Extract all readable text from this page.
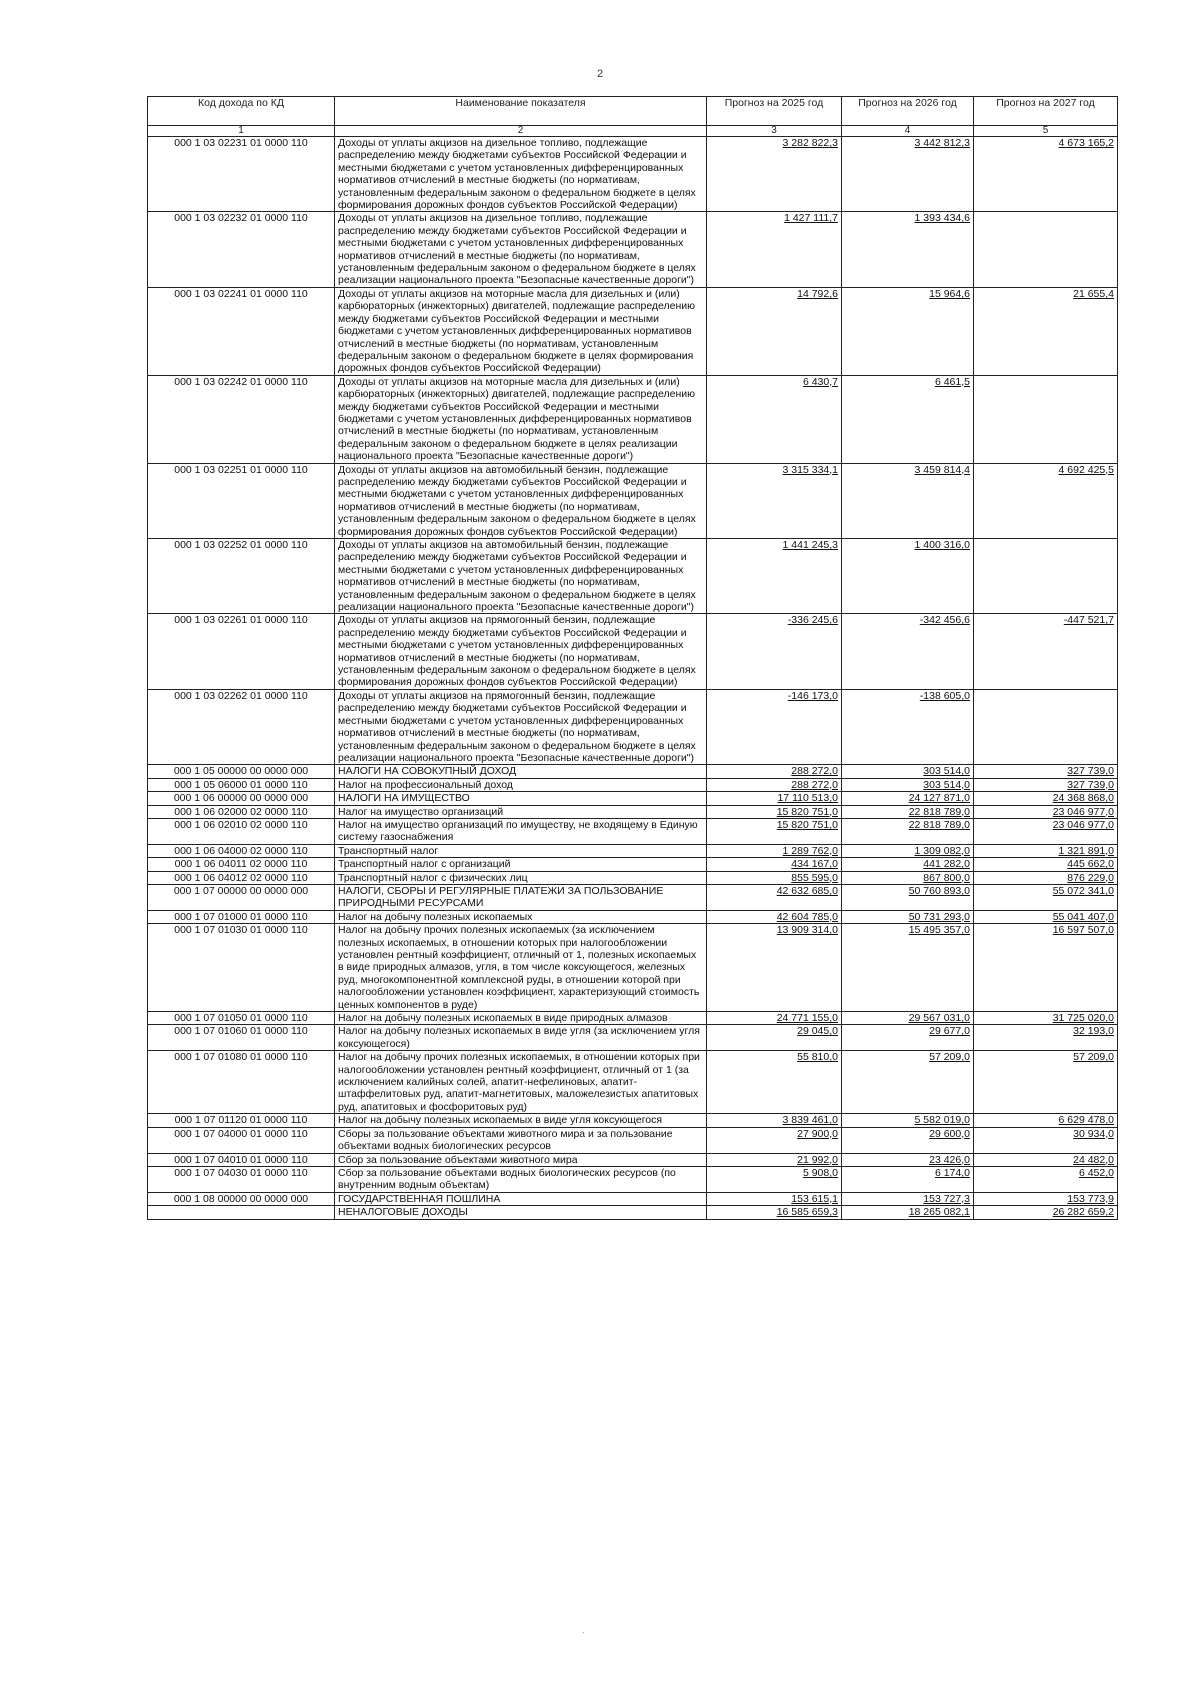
2
Код дохода по КД	Наименование показателя	Прогноз на 2025 год	Прогноз на 2026 год	Прогноз на 2027 год
1	2	3	4	5
000 1 03 02231 01 0000 110	Доходы от уплаты акцизов на дизельное топливо, подлежащие распределению между бюджетами субъектов Российской Федерации и местными бюджетами с учетом установленных дифференцированных нормативов отчислений в местные бюджеты (по нормативам, установленным федеральным законом о федеральном бюджете в целях формирования дорожных фондов субъектов Российской Федерации)	3 282 822,3	3 442 812,3	4 673 165,2
000 1 03 02232 01 0000 110	Доходы от уплаты акцизов на дизельное топливо, подлежащие распределению между бюджетами субъектов Российской Федерации и местными бюджетами с учетом установленных дифференцированных нормативов отчислений в местные бюджеты (по нормативам, установленным федеральным законом о федеральном бюджете в целях реализации национального проекта "Безопасные качественные дороги")	1 427 111,7	1 393 434,6	
000 1 03 02241 01 0000 110	Доходы от уплаты акцизов на моторные масла для дизельных и (или) карбюраторных (инжекторных) двигателей, подлежащие распределению между бюджетами субъектов Российской Федерации и местными бюджетами с учетом установленных дифференцированных нормативов отчислений в местные бюджеты (по нормативам, установленным федеральным законом о федеральном бюджете в целях формирования дорожных фондов субъектов Российской Федерации)	14 792,6	15 964,6	21 655,4
000 1 03 02242 01 0000 110	Доходы от уплаты акцизов на моторные масла для дизельных и (или) карбюраторных (инжекторных) двигателей, подлежащие распределению между бюджетами субъектов Российской Федерации и местными бюджетами с учетом установленных дифференцированных нормативов отчислений в местные бюджеты (по нормативам, установленным федеральным законом о федеральном бюджете в целях реализации национального проекта "Безопасные качественные дороги")	6 430,7	6 461,5	
000 1 03 02251 01 0000 110	Доходы от уплаты акцизов на автомобильный бензин, подлежащие распределению между бюджетами субъектов Российской Федерации и местными бюджетами с учетом установленных дифференцированных нормативов отчислений в местные бюджеты (по нормативам, установленным федеральным законом о федеральном бюджете в целях формирования дорожных фондов субъектов Российской Федерации)	3 315 334,1	3 459 814,4	4 692 425,5
000 1 03 02252 01 0000 110	Доходы от уплаты акцизов на автомобильный бензин, подлежащие распределению между бюджетами субъектов Российской Федерации и местными бюджетами с учетом установленных дифференцированных нормативов отчислений в местные бюджеты (по нормативам, установленным федеральным законом о федеральном бюджете в целях реализации национального проекта "Безопасные качественные дороги")	1 441 245,3	1 400 316,0	
000 1 03 02261 01 0000 110	Доходы от уплаты акцизов на прямогонный бензин, подлежащие распределению между бюджетами субъектов Российской Федерации и местными бюджетами с учетом установленных дифференцированных нормативов отчислений в местные бюджеты (по нормативам, установленным федеральным законом о федеральном бюджете в целях формирования дорожных фондов субъектов Российской Федерации)	-336 245,6	-342 456,6	-447 521,7
000 1 03 02262 01 0000 110	Доходы от уплаты акцизов на прямогонный бензин, подлежащие распределению между бюджетами субъектов Российской Федерации и местными бюджетами с учетом установленных дифференцированных нормативов отчислений в местные бюджеты (по нормативам, установленным федеральным законом о федеральном бюджете в целях реализации национального проекта "Безопасные качественные дороги")	-146 173,0	-138 605,0	
000 1 05 00000 00 0000 000	НАЛОГИ НА СОВОКУПНЫЙ ДОХОД	288 272,0	303 514,0	327 739,0
000 1 05 06000 01 0000 110	Налог на профессиональный доход	288 272,0	303 514,0	327 739,0
000 1 06 00000 00 0000 000	НАЛОГИ НА ИМУЩЕСТВО	17 110 513,0	24 127 871,0	24 368 868,0
000 1 06 02000 02 0000 110	Налог на имущество организаций	15 820 751,0	22 818 789,0	23 046 977,0
000 1 06 02010 02 0000 110	Налог на имущество организаций по имуществу, не входящему в Единую систему газоснабжения	15 820 751,0	22 818 789,0	23 046 977,0
000 1 06 04000 02 0000 110	Транспортный налог	1 289 762,0	1 309 082,0	1 321 891,0
000 1 06 04011 02 0000 110	Транспортный налог с организаций	434 167,0	441 282,0	445 662,0
000 1 06 04012 02 0000 110	Транспортный налог с физических лиц	855 595,0	867 800,0	876 229,0
000 1 07 00000 00 0000 000	НАЛОГИ, СБОРЫ И РЕГУЛЯРНЫЕ ПЛАТЕЖИ ЗА ПОЛЬЗОВАНИЕ ПРИРОДНЫМИ РЕСУРСАМИ	42 632 685,0	50 760 893,0	55 072 341,0
000 1 07 01000 01 0000 110	Налог на добычу полезных ископаемых	42 604 785,0	50 731 293,0	55 041 407,0
000 1 07 01030 01 0000 110	Налог на добычу прочих полезных ископаемых (за исключением полезных ископаемых, в отношении которых при налогообложении установлен рентный коэффициент, отличный от 1, полезных ископаемых в виде природных алмазов, угля, в том числе коксующегося, железных руд, многокомпонентной комплексной руды, в отношении которой при налогообложении установлен коэффициент, характеризующий стоимость ценных компонентов в руде)	13 909 314,0	15 495 357,0	16 597 507,0
000 1 07 01050 01 0000 110	Налог на добычу полезных ископаемых в виде природных алмазов	24 771 155,0	29 567 031,0	31 725 020,0
000 1 07 01060 01 0000 110	Налог на добычу полезных ископаемых в виде угля (за исключением угля коксующегося)	29 045,0	29 677,0	32 193,0
000 1 07 01080 01 0000 110	Налог на добычу прочих полезных ископаемых, в отношении которых при налогообложении установлен рентный коэффициент, отличный от 1 (за исключением калийных солей, апатит-нефелиновых, апатит-штаффелитовых руд, апатит-магнетитовых, маложелезистых апатитовых руд, апатитовых и фосфоритовых руд)	55 810,0	57 209,0	57 209,0
000 1 07 01120 01 0000 110	Налог на добычу полезных ископаемых в виде угля коксующегося	3 839 461,0	5 582 019,0	6 629 478,0
000 1 07 04000 01 0000 110	Сборы за пользование объектами животного мира и за пользование объектами водных биологических ресурсов	27 900,0	29 600,0	30 934,0
000 1 07 04010 01 0000 110	Сбор за пользование объектами животного мира	21 992,0	23 426,0	24 482,0
000 1 07 04030 01 0000 110	Сбор за пользование объектами водных биологических ресурсов (по внутренним водным объектам)	5 908,0	6 174,0	6 452,0
000 1 08 00000 00 0000 000	ГОСУДАРСТВЕННАЯ ПОШЛИНА	153 615,1	153 727,3	153 773,9
	НЕНАЛОГОВЫЕ ДОХОДЫ	16 585 659,3	18 265 082,1	26 282 659,2
·
